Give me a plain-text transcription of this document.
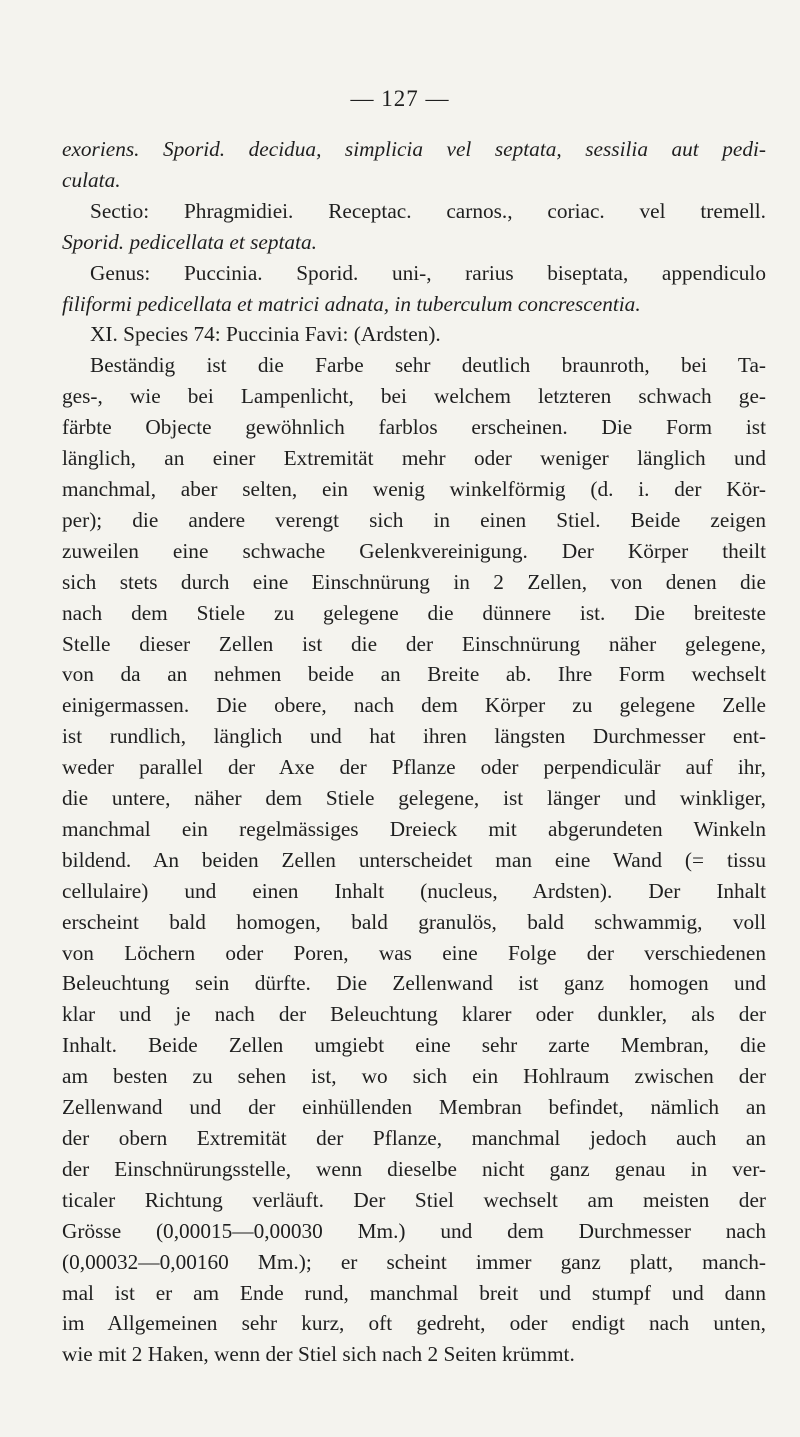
— 127 —
exoriens. Sporid. decidua, simplicia vel septata, sessilia aut pedi-
culata.
Sectio: Phragmidiei. Receptac. carnos., coriac. vel tremell.
Sporid. pedicellata et septata.
Genus: Puccinia. Sporid. uni-, rarius biseptata, appendiculo
filiformi pedicellata et matrici adnata, in tuberculum concrescentia.
XI. Species 74: Puccinia Favi: (Ardsten).
Beständig ist die Farbe sehr deutlich braunroth, bei Ta-
ges-, wie bei Lampenlicht, bei welchem letzteren schwach ge-
färbte Objecte gewöhnlich farblos erscheinen. Die Form ist
länglich, an einer Extremität mehr oder weniger länglich und
manchmal, aber selten, ein wenig winkelförmig (d. i. der Kör-
per); die andere verengt sich in einen Stiel. Beide zeigen
zuweilen eine schwache Gelenkvereinigung. Der Körper theilt
sich stets durch eine Einschnürung in 2 Zellen, von denen die
nach dem Stiele zu gelegene die dünnere ist. Die breiteste
Stelle dieser Zellen ist die der Einschnürung näher gelegene,
von da an nehmen beide an Breite ab. Ihre Form wechselt
einigermassen. Die obere, nach dem Körper zu gelegene Zelle
ist rundlich, länglich und hat ihren längsten Durchmesser ent-
weder parallel der Axe der Pflanze oder perpendiculär auf ihr,
die untere, näher dem Stiele gelegene, ist länger und winkliger,
manchmal ein regelmässiges Dreieck mit abgerundeten Winkeln
bildend. An beiden Zellen unterscheidet man eine Wand (= tissu
cellulaire) und einen Inhalt (nucleus, Ardsten). Der Inhalt
erscheint bald homogen, bald granulös, bald schwammig, voll
von Löchern oder Poren, was eine Folge der verschiedenen
Beleuchtung sein dürfte. Die Zellenwand ist ganz homogen und
klar und je nach der Beleuchtung klarer oder dunkler, als der
Inhalt. Beide Zellen umgiebt eine sehr zarte Membran, die
am besten zu sehen ist, wo sich ein Hohlraum zwischen der
Zellenwand und der einhüllenden Membran befindet, nämlich an
der obern Extremität der Pflanze, manchmal jedoch auch an
der Einschnürungsstelle, wenn dieselbe nicht ganz genau in ver-
ticaler Richtung verläuft. Der Stiel wechselt am meisten der
Grösse (0,00015—0,00030 Mm.) und dem Durchmesser nach
(0,00032—0,00160 Mm.); er scheint immer ganz platt, manch-
mal ist er am Ende rund, manchmal breit und stumpf und dann
im Allgemeinen sehr kurz, oft gedreht, oder endigt nach unten,
wie mit 2 Haken, wenn der Stiel sich nach 2 Seiten krümmt.
